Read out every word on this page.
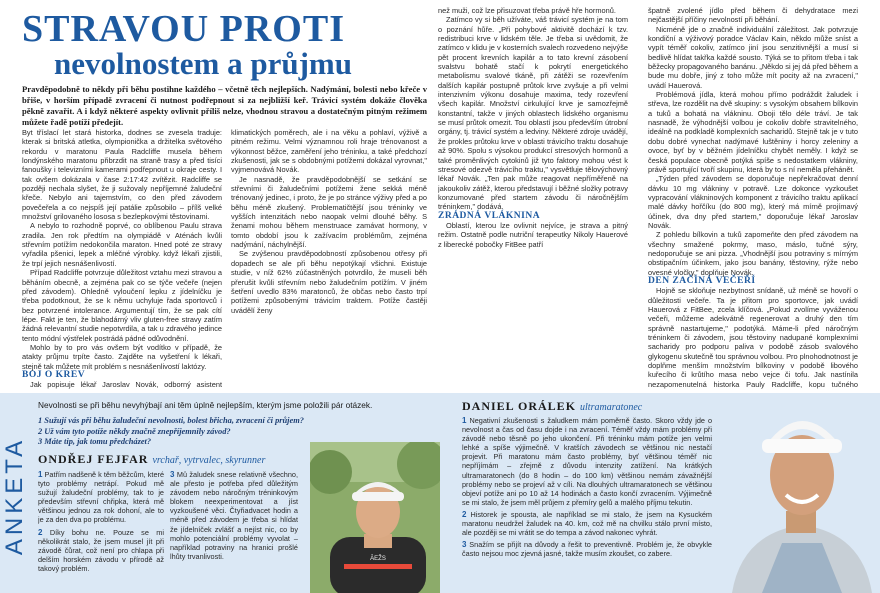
STRAVOU PROTI
nevolnostem a průjmu
Pravděpodobně to někdy při běhu postihne každého – včetně těch nejlepších. Nadýmání, bolesti nebo křeče v břiše, v horším případě zvracení či nutnost podřepnout si za nejbližší keř. Trávicí systém dokáže člověka pěkně zavařit. A i když některé aspekty ovlivnit příliš nelze, vhodnou stravou a dostatečným pitným režimem můžete řadě potíží předejít.

Byt tříslací let stará historka, dodnes se zvesela traduje: kterak si britská atletka, olympionička a držitelka světového rekordu v maratonu Paula Radcliffe musela během londýnského maratonu přibrzdit na straně trasy a před tisíci fanoušky i televizními kamerami podřepnout u okraje cesty. I tak ovšem dokázala v čase 2:17:42 zvítězit. Radcliffe se později nechala slyšet, že ji sužovaly nepříjemné žaludeční křeče. Nebylo ani tajemstvím, co den před závodem povečeřela a co nejspíš její patálie způsobilo – přílš velké množství grilovaného lososa s bezlepkovými těstovinami.

A nebylo to rozhodně poprvé, co oblíbenou Paulu strava zradila. Jen rok předtím na olympiádě v Aténách kvůli střevním potížím nedokončila maraton. Hned poté ze stravy vyřadila pšenici, lepek a mléčné výrobky. když lékaři zjistili, že trpí jejich nesnášenlivostí.

Případ Radcliffe potvrzuje důležitost vztahu mezi stravou a běháním obecně, a zejména pak co se týče večeře (nejen před závodem). Ohledně vyloučení lepku z jídelníčku je třeba podotknout, že se k němu uchyluje řada sportovců i bez potvrzené intolerance. Argumentují tím, že se pak cítí lépe. Fakt je ten, že blahodárný vliv gluten-free stravy zatím žádná relevantní studie nepotvrdila, a tak u zdravého jedince tento módní výstřelek postrádá pádné odůvodnění.

Mohlo by to pro vás ovšem být vodítko v případě, že atakty průjmu trpíte často. Zajděte na vyšetření k lékaři, stejně tak můžete mít problém s nesnášenlivostí laktózy.

BOJ O KREV

Jak popisuje lékař Jaroslav Novák, odborný asistent

klimatických poměrech, ale i na věku a pohlaví, výživě a pitném režimu. Velmi významnou roli hraje trénovanost a výkonnost běžce, zaměření jeho tréninku, a také předchozí zkušenosti, jak se s obdobnými potížemi dokázal vyrovnat," vyjmenovává Novák.

Je nasnadě, že pravděpodobnější se setkání se střevními či žaludečními potížemi žene sekká méně trénovaný jedinec, i proto, že je po stránce výživy před a po běhu méně zkušený. Problematičtější jsou tréninky ve vyšších intenzitách nebo naopak velmi dlouhé běhy. S ženami mohou během menstruace zamávat hormony, v tomto období jsou k zažívacím problémům, zejména nadýmání, náchylnější.

Se zvýšenou pravděpodobností způsobenou otřesy při dopadech se ale při běhu nepotýkají všichni. Existuje studie, v níž 62% zúčastněných potvrdilo, že museli běh přerušit kvůli střevním nebo žaludečním potížím. V jiném šetření uvedlo 83% maratonců, že občas nebo často trpí potížemi způsobenými trávicím traktem. Potíže častěji uvádělí ženy

než muži, což lze přisuzovat třeba právě hře hormonů.

Zatímco vy si běh užíváte, váš trávicí systém je na tom o poznání hůře. „Při pohybové aktivitě dochází k tzv. redistribuci krve v lidském těle. Je třeba si uvědomit, že zatímco v klidu je v kosterních svalech rozvedeno nejvýše pět procent krevních kapilár a to tato krevní zásobení svalstvu bohatě stačí k pokrytí energetického metabolismu svalové tkáně, při zátěži se rozevřením dalších kapilár postupně průtok krve zvyšuje a při velmi intenzivním výkonu dosahuje maxima, tedy rozevření všech kapilár. Množství cirkulující krve je samozřejmě konstantní, takže v jiných oblastech lidského organismu se musí průtok omezit. Tou oblastí jsou především útrobní orgány, tj. trávicí systém a ledviny. Některé zdroje uvádějí, že prokles průtoku krve v oblasti trávicího traktu dosahuje až 90%. Spolu s výsokou produkcí stresových hormonů a také proměnlivých cytokinů již tyto faktory mohou vést k stresové odezvě trávicího traktu," vysvětluje tělovýchovný lékař Novák. „Ten pak může reagovat nepříměřeně na jakoukoliv zátěž, kterou představují i běžné složky potravy konzumované před startem závodu či náročnějším tréninkem," dodává.

ZRÁDNÁ VLÁKNINA

Oblastí, kterou lze ovlivnit nejvíce, je strava a pitný režim. Ostatně podle nutriční terapeutky Nikoly Hauerové z liberecké pobočky FitBee patří

špatně zvolené jídlo před během či dehydratace mezi nejčastější příčiny nevolností při běhání.

Nicméně jde o značně individuální záležitost. Jak potvrzuje kondiční a výživový poradce Václav Kain, někdo může sníst a vypít téměř cokoliv, zatímco jiní jsou senzitivnější a musí si bedlivě hlídat takřka každé sousto. Týká se to přitom třeba i tak běžecky propagovaného banánu. „Někdo si jej dá před během a bude mu dobře, jiný z toho může mít pocity až na zvracení," uvádí Hauerová.

Problémová jídla, která mohou přímo podráždit žaludek i střeva, lze rozdělit na dvě skupiny: s vysokým obsahem bílkovin a tuků a bohatá na vlákninu. Oboji tělo déle tráví. Je tak nasnadě, že výhodnější volbou je cokoliv dobře stravitelného, ideálně na podkladě komplexních sacharidů. Stejně tak je v tuto dobu dobré vynechat nadýmavé luštěniny i horcy zeleniny a ovoce, byť by v běžném jídelníčku chybět neměly. I když se česká populace obecně potýká spíše s nedostatkem vlákniny, právě sportující tvoří skupinu, která by to s ní neměla přehánět.

„Týden před závodem se doporučuje nepřekračovat denní dávku 10 mg vlákniny v potravě. Lze dokonce vyzkoušet vypracování vlákninových komponent z trávicího traktu aplikací malé dávky hořčíku (do 800 mg), který má mírně projímavý účinek, dva dny před startem," doporučuje lékař Jaroslav Novák.

Z pohledu bílkovin a tuků zapomeňte den před závodem na všechny smažené pokrmy, maso, máslo, tučné sýry, nedoporučuje se ani pizza. „Vhodnější jsou potraviny s mírným obstipačním účinkem, jako jsou banány, těstoviny, rýže nebo ovesné vločky," doplňuje Novák.

DEN ZAČÍNÁ VEČEŘÍ

Hojně se skloňuje nezbytnost snídaně, už méně se hovoří o důležitosti večeře. Ta je přitom pro sportovce, jak uvádí Hauerová z FitBee, zcela klíčová. „Pokud zvolíme vyváženou večeři, můžeme adekvátně regenerovat a druhý den tím správně nastartujeme," podotýká. Máme-li před náročným tréninkem či závodem, jsou těstoviny nadupané komplexními sacharidy pro podporu paliva v podobě zásob svalového glykogenu skutečně tou správnou volbou. Pro plnohodnotnost je doplňme menším množstvím bílkoviny v podobě libového kuřecího či krůtího masa nebo vejce či tofu. Jak nastínila nezapomenutelná historka Pauly Radcliffe, kopu tučného

ANKETA
Nevolnosti se při běhu nevyhýbají ani těm úplně nejlepším, kterým jsme položili pár otázek.
1 Sužují vás při běhu žaludeční nevolnosti, bolest břicha, zvracení či průjem?
2 Už vám tyto potíže někdy značně znepříjemnily závod?
3 Máte tip, jak tomu předcházet?
ONDŘEJ FEJFAR vrchař, vytrvalec, skyrunner

1 Patřím nadšeně k těm běžcům, které tyto problémy netrápí. Pokud mě sužují žaludeční problémy, tak to je především střevní chřipka, která mě většinou jednou za rok dohoní, ale to je za den dva po problému.

2 Díky bohu ne. Pouze se mi několikrát stalo, že jsem musel jít při závodě čůrat, což není pro chlapa při delším horském závodu v přírodě až takový problém.

3 Mû žaludek snese relativně všechno, ale přesto je potřeba před důležitým závodem nebo náročným tréninkovým blokem neexperimentovat a jíst vyzkoušené věci. Čtyřiadvacet hodin a méně před závodem je třeba si hlídat že jídelníček zvlášť a nejíst nic, co by mohlo potenciální problémy vyvolat – například potraviny na hranici prošlé lhůty trvanlivosti.	ĀEŽS
DANIEL ORÁLEK ultramaratonec

1 Negativní zkušenosti s žaludkem mám poměrně často. Skoro vždy jde o nevolnost a čas od času dojde i na zvracení. Téměř vždy mám problémy při závodě nebo těsně po jeho ukončení. Při tréninku mám potíže jen velmi lehké a spíše výjimečně. V kratších závodech se většinou nic nestačí projevit. Při maratonu mám často problémy, byť většinou téměř nic nepříjímám – zřejmě z důvodu intenzity zatížení. Na krátkých ultramaratonech (do 8 hodin – do 100 km) většinou nemám závažnější problémy nebo se projeví až v cíli. Na dlouhých ultramaratonech se většinou objeví potíže ani po 10 až 14 hodinách a často končí zvracením. Výjimečně se mi stalo, že jsem měl průjem z přemíry gelů a malého příjmu tekutin.

2 Historek je spousta, ale například se mi stalo, že jsem na Kysuckém maratonu neudržel žaludek na 40. km, což mě na chvilku stálo první místo, ale později se mi vrátit se do tempa a závod nakonec vyhrát.

3 Snažím se přijít na důvody a řešit to preventivně. Problém je, že obvykle často nejsou moc zjevná jasné, takže musím zkoušet, co zabere.
